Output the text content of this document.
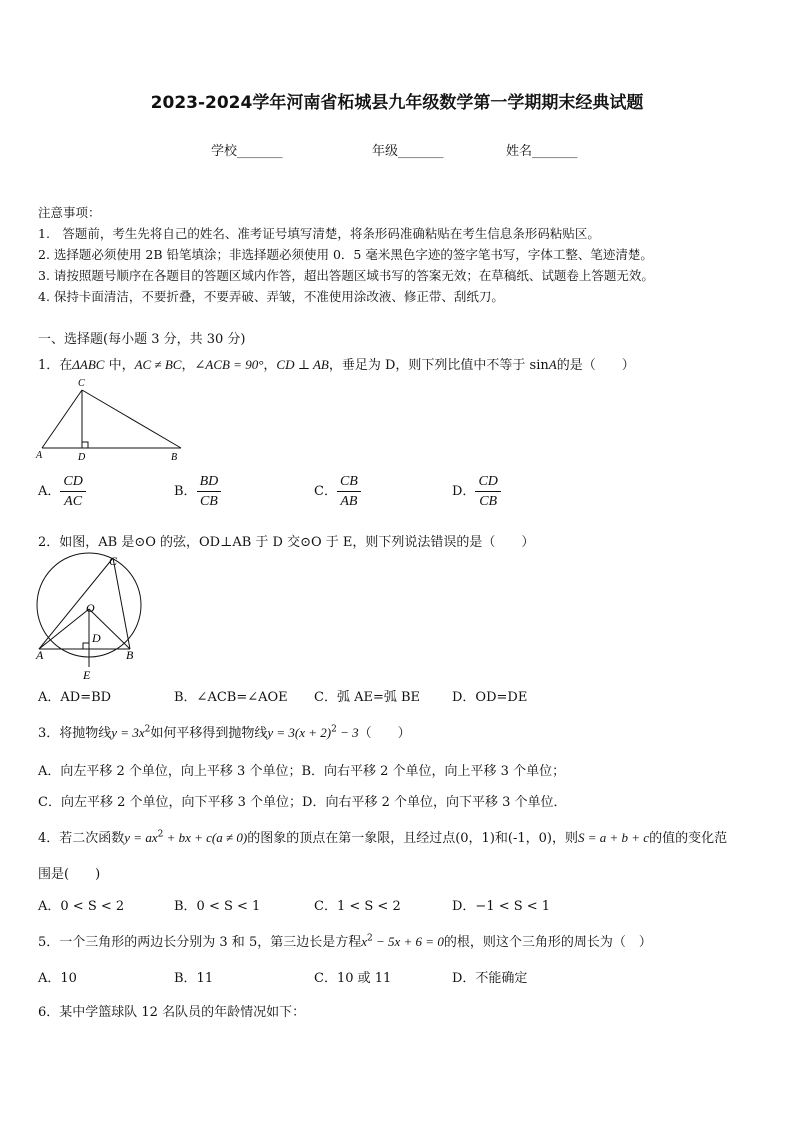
2023-2024学年河南省柘城县九年级数学第一学期期末经典试题
学校_______	年级_______	姓名_______
注意事项：
1.　答题前，考生先将自己的姓名、准考证号填写清楚，将条形码准确粘贴在考生信息条形码粘贴区。
2. 选择题必须使用 2B 铅笔填涂；非选择题必须使用 0．5 毫米黑色字迹的签字笔书写，字体工整、笔迹清楚。
3. 请按照题号顺序在各题目的答题区域内作答，超出答题区域书写的答案无效；在草稿纸、试题卷上答题无效。
4. 保持卡面清洁，不要折叠，不要弄破、弄皱，不准使用涂改液、修正带、刮纸刀。
一、选择题(每小题 3 分，共 30 分)
1．在ΔABC 中，AC ≠ BC，∠ACB = 90°，CD ⊥ AB，垂足为 D，则下列比值中不等于 sinA的是（　　）
C
A	D	B
A． $\frac{CD}{AC}$	B． $\frac{BD}{CB}$	C． $\frac{CB}{AB}$	D． $\frac{CD}{CB}$
2．如图，AB 是⊙O 的弦，OD⊥AB 于 D 交⊙O 于 E，则下列说法错误的是（　　）
C
O
D
A	B
E
A．AD=BD	B．∠ACB=∠AOE C．弧 AE=弧 BE D．OD=DE
3．将抛物线$y = 3x^2$如何平移得到抛物线$y = 3(x + 2)^2 - 3$（　　）
A．向左平移 2 个单位，向上平移 3 个单位；B．向右平移 2 个单位，向上平移 3 个单位；
C．向左平移 2 个单位，向下平移 3 个单位；D．向右平移 2 个单位，向下平移 3 个单位．
4．若二次函数$y = ax^2$ + bx + c(a ≠ 0)的图象的顶点在第一象限，且经过点(0，1)和(-1，0)，则S = a + b + c的值的变化范
围是(　　)
A．0 < S < 2	B．0 < S < 1	C．1 < S < 2	D．−1 < S < 1
5．一个三角形的两边长分别为 3 和 5，第三边长是方程$x^2 - 5x + 6 = 0$的根，则这个三角形的周长为（　）
A．10	B．11	C．10 或 11	D．不能确定
6．某中学篮球队 12 名队员的年龄情况如下：
